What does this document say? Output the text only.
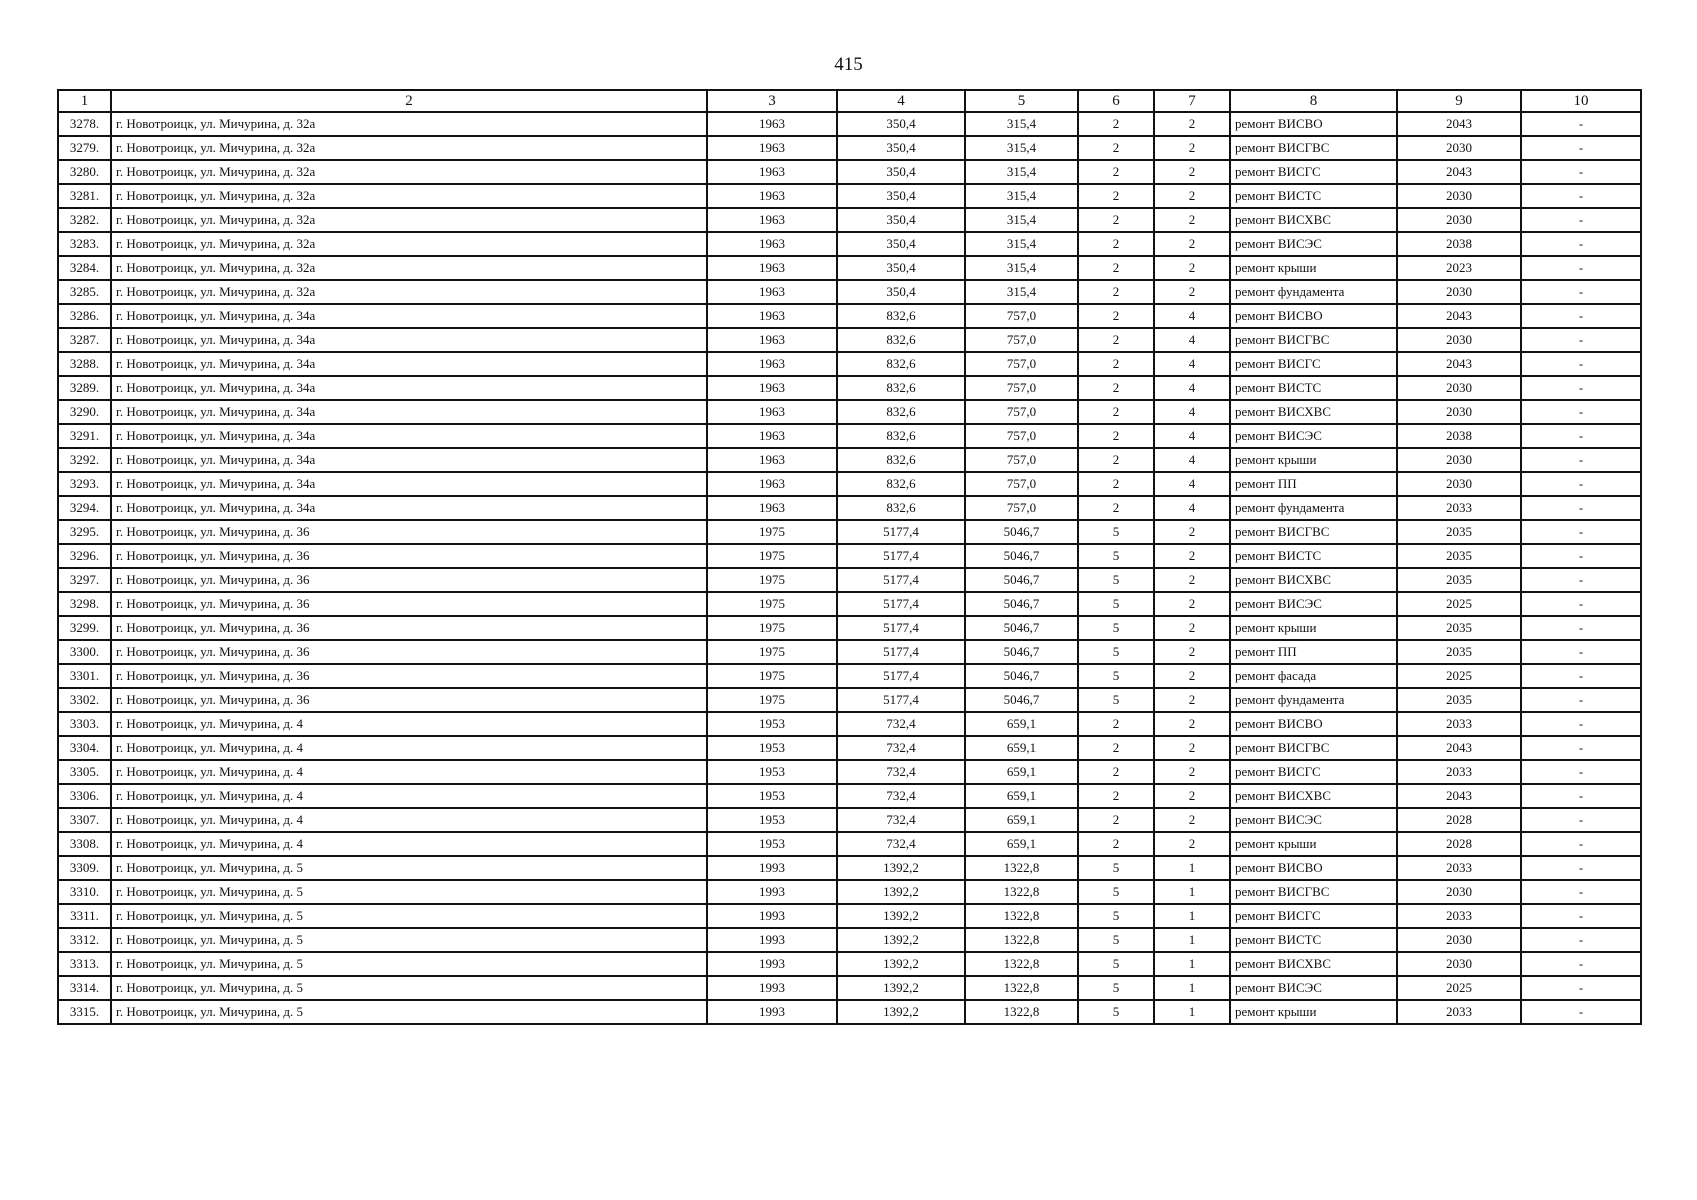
415
1	2	3	4	5	6	7	8	9	10
3278.	г. Новотроицк, ул. Мичурина, д. 32а	1963	350,4	315,4	2	2	ремонт ВИСВО	2043	-
3279.	г. Новотроицк, ул. Мичурина, д. 32а	1963	350,4	315,4	2	2	ремонт ВИСГВС	2030	-
3280.	г. Новотроицк, ул. Мичурина, д. 32а	1963	350,4	315,4	2	2	ремонт ВИСГС	2043	-
3281.	г. Новотроицк, ул. Мичурина, д. 32а	1963	350,4	315,4	2	2	ремонт ВИСТС	2030	-
3282.	г. Новотроицк, ул. Мичурина, д. 32а	1963	350,4	315,4	2	2	ремонт ВИСХВС	2030	-
3283.	г. Новотроицк, ул. Мичурина, д. 32а	1963	350,4	315,4	2	2	ремонт ВИСЭС	2038	-
3284.	г. Новотроицк, ул. Мичурина, д. 32а	1963	350,4	315,4	2	2	ремонт крыши	2023	-
3285.	г. Новотроицк, ул. Мичурина, д. 32а	1963	350,4	315,4	2	2	ремонт фундамента	2030	-
3286.	г. Новотроицк, ул. Мичурина, д. 34а	1963	832,6	757,0	2	4	ремонт ВИСВО	2043	-
3287.	г. Новотроицк, ул. Мичурина, д. 34а	1963	832,6	757,0	2	4	ремонт ВИСГВС	2030	-
3288.	г. Новотроицк, ул. Мичурина, д. 34а	1963	832,6	757,0	2	4	ремонт ВИСГС	2043	-
3289.	г. Новотроицк, ул. Мичурина, д. 34а	1963	832,6	757,0	2	4	ремонт ВИСТС	2030	-
3290.	г. Новотроицк, ул. Мичурина, д. 34а	1963	832,6	757,0	2	4	ремонт ВИСХВС	2030	-
3291.	г. Новотроицк, ул. Мичурина, д. 34а	1963	832,6	757,0	2	4	ремонт ВИСЭС	2038	-
3292.	г. Новотроицк, ул. Мичурина, д. 34а	1963	832,6	757,0	2	4	ремонт крыши	2030	-
3293.	г. Новотроицк, ул. Мичурина, д. 34а	1963	832,6	757,0	2	4	ремонт ПП	2030	-
3294.	г. Новотроицк, ул. Мичурина, д. 34а	1963	832,6	757,0	2	4	ремонт фундамента	2033	-
3295.	г. Новотроицк, ул. Мичурина, д. 36	1975	5177,4	5046,7	5	2	ремонт ВИСГВС	2035	-
3296.	г. Новотроицк, ул. Мичурина, д. 36	1975	5177,4	5046,7	5	2	ремонт ВИСТС	2035	-
3297.	г. Новотроицк, ул. Мичурина, д. 36	1975	5177,4	5046,7	5	2	ремонт ВИСХВС	2035	-
3298.	г. Новотроицк, ул. Мичурина, д. 36	1975	5177,4	5046,7	5	2	ремонт ВИСЭС	2025	-
3299.	г. Новотроицк, ул. Мичурина, д. 36	1975	5177,4	5046,7	5	2	ремонт крыши	2035	-
3300.	г. Новотроицк, ул. Мичурина, д. 36	1975	5177,4	5046,7	5	2	ремонт ПП	2035	-
3301.	г. Новотроицк, ул. Мичурина, д. 36	1975	5177,4	5046,7	5	2	ремонт фасада	2025	-
3302.	г. Новотроицк, ул. Мичурина, д. 36	1975	5177,4	5046,7	5	2	ремонт фундамента	2035	-
3303.	г. Новотроицк, ул. Мичурина, д. 4	1953	732,4	659,1	2	2	ремонт ВИСВО	2033	-
3304.	г. Новотроицк, ул. Мичурина, д. 4	1953	732,4	659,1	2	2	ремонт ВИСГВС	2043	-
3305.	г. Новотроицк, ул. Мичурина, д. 4	1953	732,4	659,1	2	2	ремонт ВИСГС	2033	-
3306.	г. Новотроицк, ул. Мичурина, д. 4	1953	732,4	659,1	2	2	ремонт ВИСХВС	2043	-
3307.	г. Новотроицк, ул. Мичурина, д. 4	1953	732,4	659,1	2	2	ремонт ВИСЭС	2028	-
3308.	г. Новотроицк, ул. Мичурина, д. 4	1953	732,4	659,1	2	2	ремонт крыши	2028	-
3309.	г. Новотроицк, ул. Мичурина, д. 5	1993	1392,2	1322,8	5	1	ремонт ВИСВО	2033	-
3310.	г. Новотроицк, ул. Мичурина, д. 5	1993	1392,2	1322,8	5	1	ремонт ВИСГВС	2030	-
3311.	г. Новотроицк, ул. Мичурина, д. 5	1993	1392,2	1322,8	5	1	ремонт ВИСГС	2033	-
3312.	г. Новотроицк, ул. Мичурина, д. 5	1993	1392,2	1322,8	5	1	ремонт ВИСТС	2030	-
3313.	г. Новотроицк, ул. Мичурина, д. 5	1993	1392,2	1322,8	5	1	ремонт ВИСХВС	2030	-
3314.	г. Новотроицк, ул. Мичурина, д. 5	1993	1392,2	1322,8	5	1	ремонт ВИСЭС	2025	-
3315.	г. Новотроицк, ул. Мичурина, д. 5	1993	1392,2	1322,8	5	1	ремонт крыши	2033	-
